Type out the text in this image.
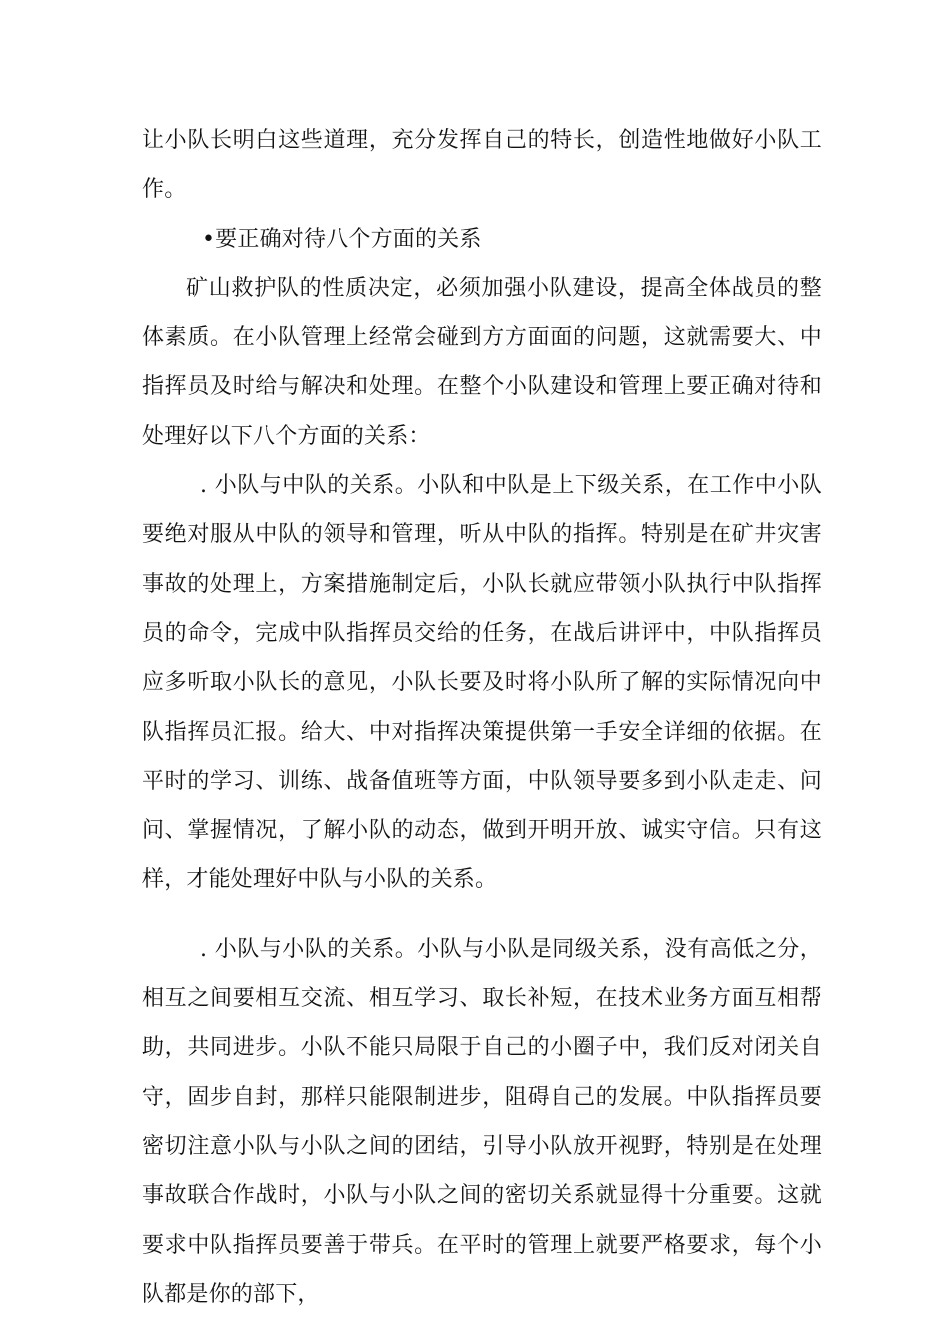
让小队长明白这些道理，充分发挥自己的特长，创造性地做好小队工作。

•要正确对待八个方面的关系

矿山救护队的性质决定，必须加强小队建设，提高全体战员的整体素质。在小队管理上经常会碰到方方面面的问题，这就需要大、中指挥员及时给与解决和处理。在整个小队建设和管理上要正确对待和处理好以下八个方面的关系：

. 小队与中队的关系。小队和中队是上下级关系，在工作中小队要绝对服从中队的领导和管理，听从中队的指挥。特别是在矿井灾害事故的处理上，方案措施制定后，小队长就应带领小队执行中队指挥员的命令，完成中队指挥员交给的任务，在战后讲评中，中队指挥员应多听取小队长的意见，小队长要及时将小队所了解的实际情况向中队指挥员汇报。给大、中对指挥决策提供第一手安全详细的依据。在平时的学习、训练、战备值班等方面，中队领导要多到小队走走、问问、掌握情况，了解小队的动态，做到开明开放、诚实守信。只有这样，才能处理好中队与小队的关系。

. 小队与小队的关系。小队与小队是同级关系，没有高低之分，相互之间要相互交流、相互学习、取长补短，在技术业务方面互相帮助，共同进步。小队不能只局限于自己的小圈子中，我们反对闭关自守，固步自封，那样只能限制进步，阻碍自己的发展。中队指挥员要密切注意小队与小队之间的团结，引导小队放开视野，特别是在处理事故联合作战时，小队与小队之间的密切关系就显得十分重要。这就要求中队指挥员要善于带兵。在平时的管理上就要严格要求，每个小队都是你的部下，
